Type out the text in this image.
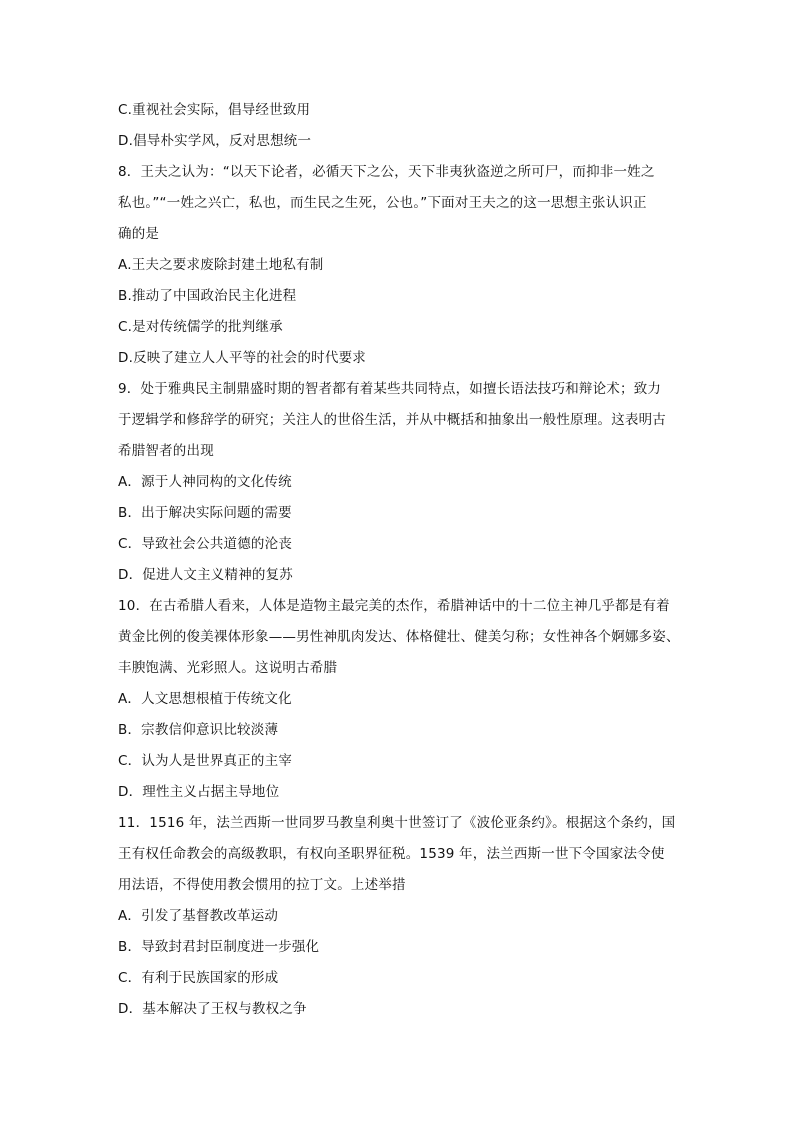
C.重视社会实际，倡导经世致用
D.倡导朴实学风，反对思想统一
8．王夫之认为：“以天下论者，必循天下之公，天下非夷狄盗逆之所可尸，而抑非一姓之
私也。”“一姓之兴亡，私也，而生民之生死，公也。”下面对王夫之的这一思想主张认识正
确的是
A.王夫之要求废除封建土地私有制
B.推动了中国政治民主化进程
C.是对传统儒学的批判继承
D.反映了建立人人平等的社会的时代要求
9．处于雅典民主制鼎盛时期的智者都有着某些共同特点，如擅长语法技巧和辩论术；致力
于逻辑学和修辞学的研究；关注人的世俗生活，并从中概括和抽象出一般性原理。这表明古
希腊智者的出现
A．源于人神同构的文化传统
B．出于解决实际问题的需要
C．导致社会公共道德的沦丧
D．促进人文主义精神的复苏
10．在古希腊人看来，人体是造物主最完美的杰作，希腊神话中的十二位主神几乎都是有着
黄金比例的俊美裸体形象——男性神肌肉发达、体格健壮、健美匀称；女性神各个婀娜多姿、
丰腴饱满、光彩照人。这说明古希腊
A．人文思想根植于传统文化
B．宗教信仰意识比较淡薄
C．认为人是世界真正的主宰
D．理性主义占据主导地位
11．1516 年，法兰西斯一世同罗马教皇利奥十世签订了《波伦亚条约》。根据这个条约，国
王有权任命教会的高级教职，有权向圣职界征税。1539 年，法兰西斯一世下令国家法令使
用法语，不得使用教会惯用的拉丁文。上述举措
A．引发了基督教改革运动
B．导致封君封臣制度进一步强化
C．有利于民族国家的形成
D．基本解决了王权与教权之争
